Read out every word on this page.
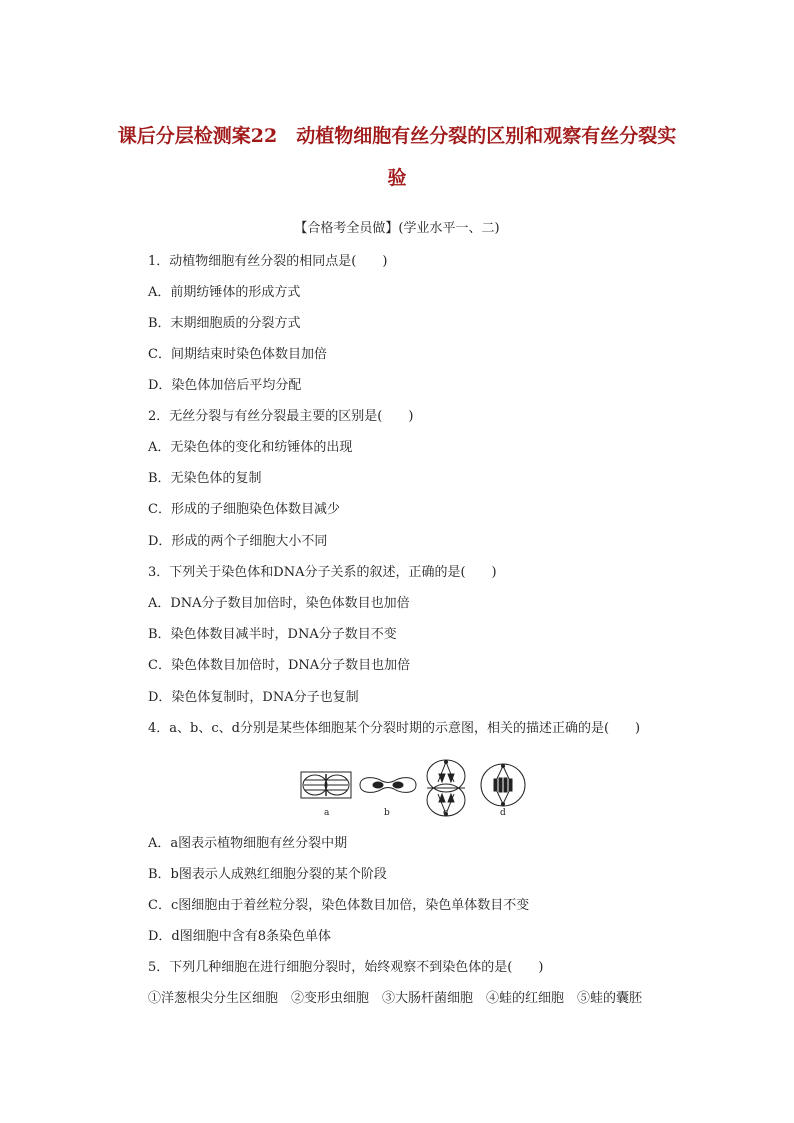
课后分层检测案22　动植物细胞有丝分裂的区别和观察有丝分裂实
验
【合格考全员做】(学业水平一、二)
1．动植物细胞有丝分裂的相同点是(　　)
A．前期纺锤体的形成方式
B．末期细胞质的分裂方式
C．间期结束时染色体数目加倍
D．染色体加倍后平均分配
2．无丝分裂与有丝分裂最主要的区别是(　　)
A．无染色体的变化和纺锤体的出现
B．无染色体的复制
C．形成的子细胞染色体数目减少
D．形成的两个子细胞大小不同
3．下列关于染色体和DNA分子关系的叙述，正确的是(　　)
A．DNA分子数目加倍时，染色体数目也加倍
B．染色体数目减半时，DNA分子数目不变
C．染色体数目加倍时，DNA分子数目也加倍
D．染色体复制时，DNA分子也复制
4．a、b、c、d分别是某些体细胞某个分裂时期的示意图，相关的描述正确的是(　　)
a	b	c	d
A．a图表示植物细胞有丝分裂中期
B．b图表示人成熟红细胞分裂的某个阶段
C．c图细胞由于着丝粒分裂，染色体数目加倍，染色单体数目不变
D．d图细胞中含有8条染色单体
5．下列几种细胞在进行细胞分裂时，始终观察不到染色体的是(　　)
①洋葱根尖分生区细胞　②变形虫细胞　③大肠杆菌细胞　④蛙的红细胞　⑤蛙的囊胚
